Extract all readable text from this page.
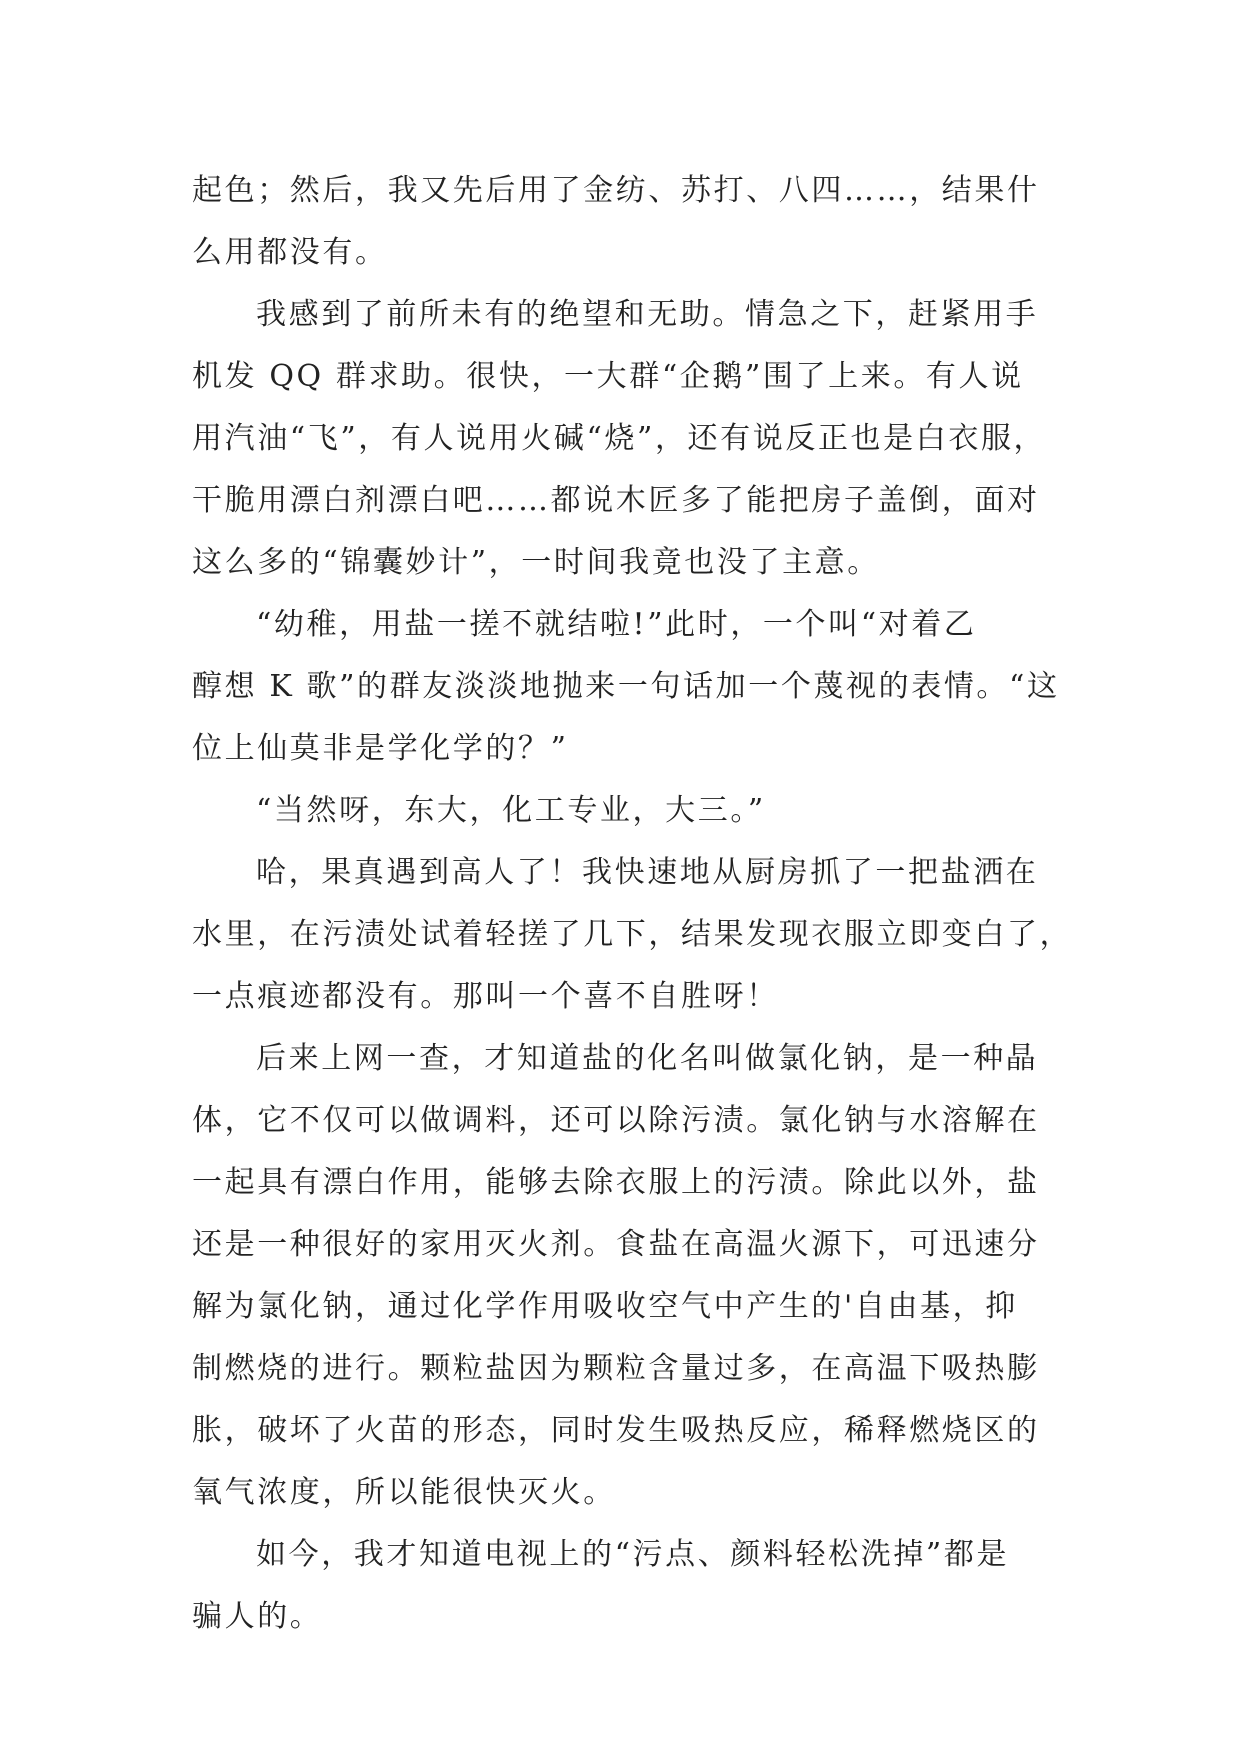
起色；然后，我又先后用了金纺、苏打、八四……，结果什
么用都没有。
我感到了前所未有的绝望和无助。情急之下，赶紧用手
机发 QQ 群求助。很快，一大群“企鹅”围了上来。有人说
用汽油“飞”，有人说用火碱“烧”，还有说反正也是白衣服，
干脆用漂白剂漂白吧……都说木匠多了能把房子盖倒，面对
这么多的“锦囊妙计”，一时间我竟也没了主意。
“幼稚，用盐一搓不就结啦!”此时，一个叫“对着乙
醇想 K 歌”的群友淡淡地抛来一句话加一个蔑视的表情。“这
位上仙莫非是学化学的？”
“当然呀，东大，化工专业，大三。”
哈，果真遇到高人了！我快速地从厨房抓了一把盐洒在
水里，在污渍处试着轻搓了几下，结果发现衣服立即变白了，
一点痕迹都没有。那叫一个喜不自胜呀！
后来上网一查，才知道盐的化名叫做氯化钠，是一种晶
体，它不仅可以做调料，还可以除污渍。氯化钠与水溶解在
一起具有漂白作用，能够去除衣服上的污渍。除此以外，盐
还是一种很好的家用灭火剂。食盐在高温火源下，可迅速分
解为氯化钠，通过化学作用吸收空气中产生的'自由基，抑
制燃烧的进行。颗粒盐因为颗粒含量过多，在高温下吸热膨
胀，破坏了火苗的形态，同时发生吸热反应，稀释燃烧区的
氧气浓度，所以能很快灭火。
如今，我才知道电视上的“污点、颜料轻松洗掉”都是
骗人的。
